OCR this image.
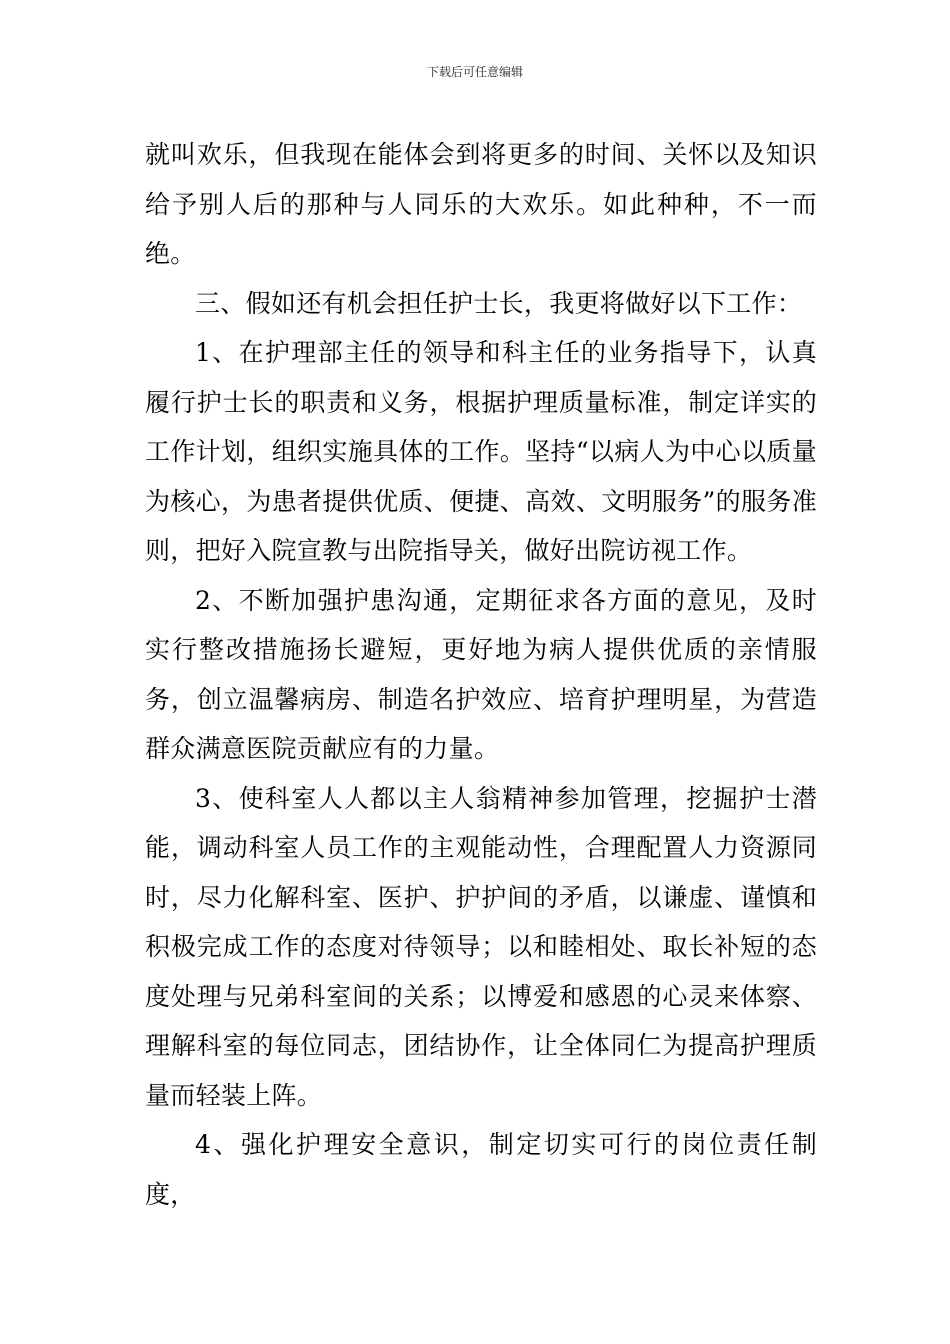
下载后可任意编辑

就叫欢乐，但我现在能体会到将更多的时间、关怀以及知识给予别人后的那种与人同乐的大欢乐。如此种种，不一而绝。

三、假如还有机会担任护士长，我更将做好以下工作：

1、在护理部主任的领导和科主任的业务指导下，认真履行护士长的职责和义务，根据护理质量标准，制定详实的工作计划，组织实施具体的工作。坚持“以病人为中心以质量为核心，为患者提供优质、便捷、高效、文明服务”的服务准则，把好入院宣教与出院指导关，做好出院访视工作。

2、不断加强护患沟通，定期征求各方面的意见，及时实行整改措施扬长避短，更好地为病人提供优质的亲情服务，创立温馨病房、制造名护效应、培育护理明星，为营造群众满意医院贡献应有的力量。

3、使科室人人都以主人翁精神参加管理，挖掘护士潜能，调动科室人员工作的主观能动性，合理配置人力资源同时，尽力化解科室、医护、护护间的矛盾，以谦虚、谨慎和积极完成工作的态度对待领导；以和睦相处、取长补短的态度处理与兄弟科室间的关系；以博爱和感恩的心灵来体察、理解科室的每位同志，团结协作，让全体同仁为提高护理质量而轻装上阵。

4、强化护理安全意识，制定切实可行的岗位责任制度，
